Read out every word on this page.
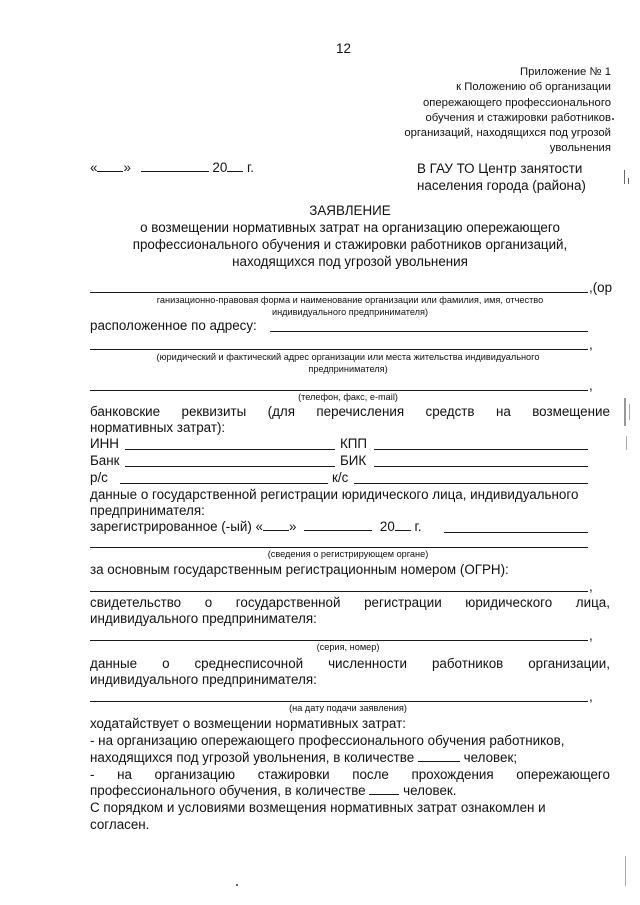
12
Приложение № 1
к Положению об организации
опережающего профессионального
обучения и стажировки работников
организаций, находящихся под угрозой
увольнения
« »	20 г.	В ГАУ ТО Центр занятости
населения города (района)
ЗАЯВЛЕНИЕ
о возмещении нормативных затрат на организацию опережающего
профессионального обучения и стажировки работников организаций,
находящихся под угрозой увольнения
,(ор
ганизационно-правовая форма и наименование организации или фамилия, имя, отчество
индивидуального предпринимателя)
расположенное по адресу:
,
(юридический и фактический адрес организации или места жительства индивидуального
предпринимателя)
,
(телефон, факс, e-mail)
банковские реквизиты (для перечисления средств на возмещение
нормативных затрат):
ИНН	КПП
Банк	БИК
р/с	к/с
данные о государственной регистрации юридического лица, индивидуального
предпринимателя:
зарегистрированное (-ый) « »	20 г.
(сведения о регистрирующем органе)
за основным государственным регистрационным номером (ОГРН):
,
свидетельство о государственной регистрации юридического лица,
индивидуального предпринимателя:
,
(серия, номер)
данные о среднесписочной численности работников организации,
индивидуального предпринимателя:
,
(на дату подачи заявления)
ходатайствует о возмещении нормативных затрат:
- на организацию опережающего профессионального обучения работников,
находящихся под угрозой увольнения, в количестве	человек;
- на организацию стажировки после прохождения опережающего
профессионального обучения, в количестве	человек.
С порядком и условиями возмещения нормативных затрат ознакомлен и
согласен.
